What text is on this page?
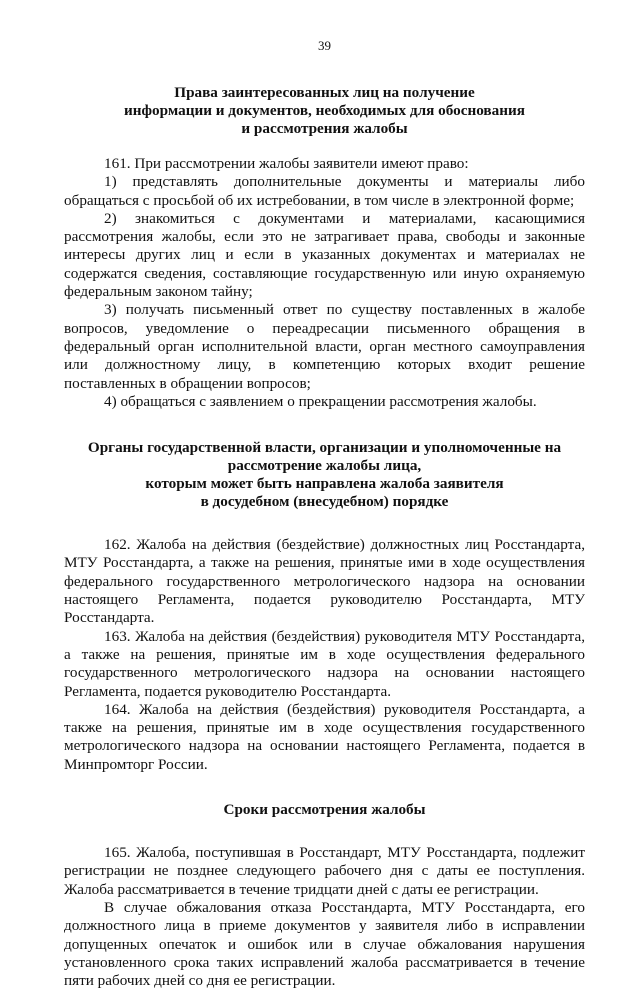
39
Права заинтересованных лиц на получение
информации и документов, необходимых для обоснования
и рассмотрения жалобы

161. При рассмотрении жалобы заявители имеют право:

1) представлять дополнительные документы и материалы либо обращаться с просьбой об их истребовании, в том числе в электронной форме;

2) знакомиться с документами и материалами, касающимися рассмотрения жалобы, если это не затрагивает права, свободы и законные интересы других лиц и если в указанных документах и материалах не содержатся сведения, составляющие государственную или иную охраняемую федеральным законом тайну;

3) получать письменный ответ по существу поставленных в жалобе вопросов, уведомление о переадресации письменного обращения в федеральный орган исполнительной власти, орган местного самоуправления или должностному лицу, в компетенцию которых входит решение поставленных в обращении вопросов;

4) обращаться с заявлением о прекращении рассмотрения жалобы.

Органы государственной власти, организации и уполномоченные на
рассмотрение жалобы лица,
которым может быть направлена жалоба заявителя
в досудебном (внесудебном) порядке

162. Жалоба на действия (бездействие) должностных лиц Росстандарта, МТУ Росстандарта, а также на решения, принятые ими в ходе осуществления федерального государственного метрологического надзора на основании настоящего Регламента, подается руководителю Росстандарта, МТУ Росстандарта.

163. Жалоба на действия (бездействия) руководителя МТУ Росстандарта, а также на решения, принятые им в ходе осуществления федерального государственного метрологического надзора на основании настоящего Регламента, подается руководителю Росстандарта.

164. Жалоба на действия (бездействия) руководителя Росстандарта, а также на решения, принятые им в ходе осуществления государственного метрологического надзора на основании настоящего Регламента, подается в Минпромторг России.

Сроки рассмотрения жалобы

165. Жалоба, поступившая в Росстандарт, МТУ Росстандарта, подлежит регистрации не позднее следующего рабочего дня с даты ее поступления. Жалоба рассматривается в течение тридцати дней с даты ее регистрации.

В случае обжалования отказа Росстандарта, МТУ Росстандарта, его должностного лица в приеме документов у заявителя либо в исправлении допущенных опечаток и ошибок или в случае обжалования нарушения установленного срока таких исправлений жалоба рассматривается в течение пяти рабочих дней со дня ее регистрации.
